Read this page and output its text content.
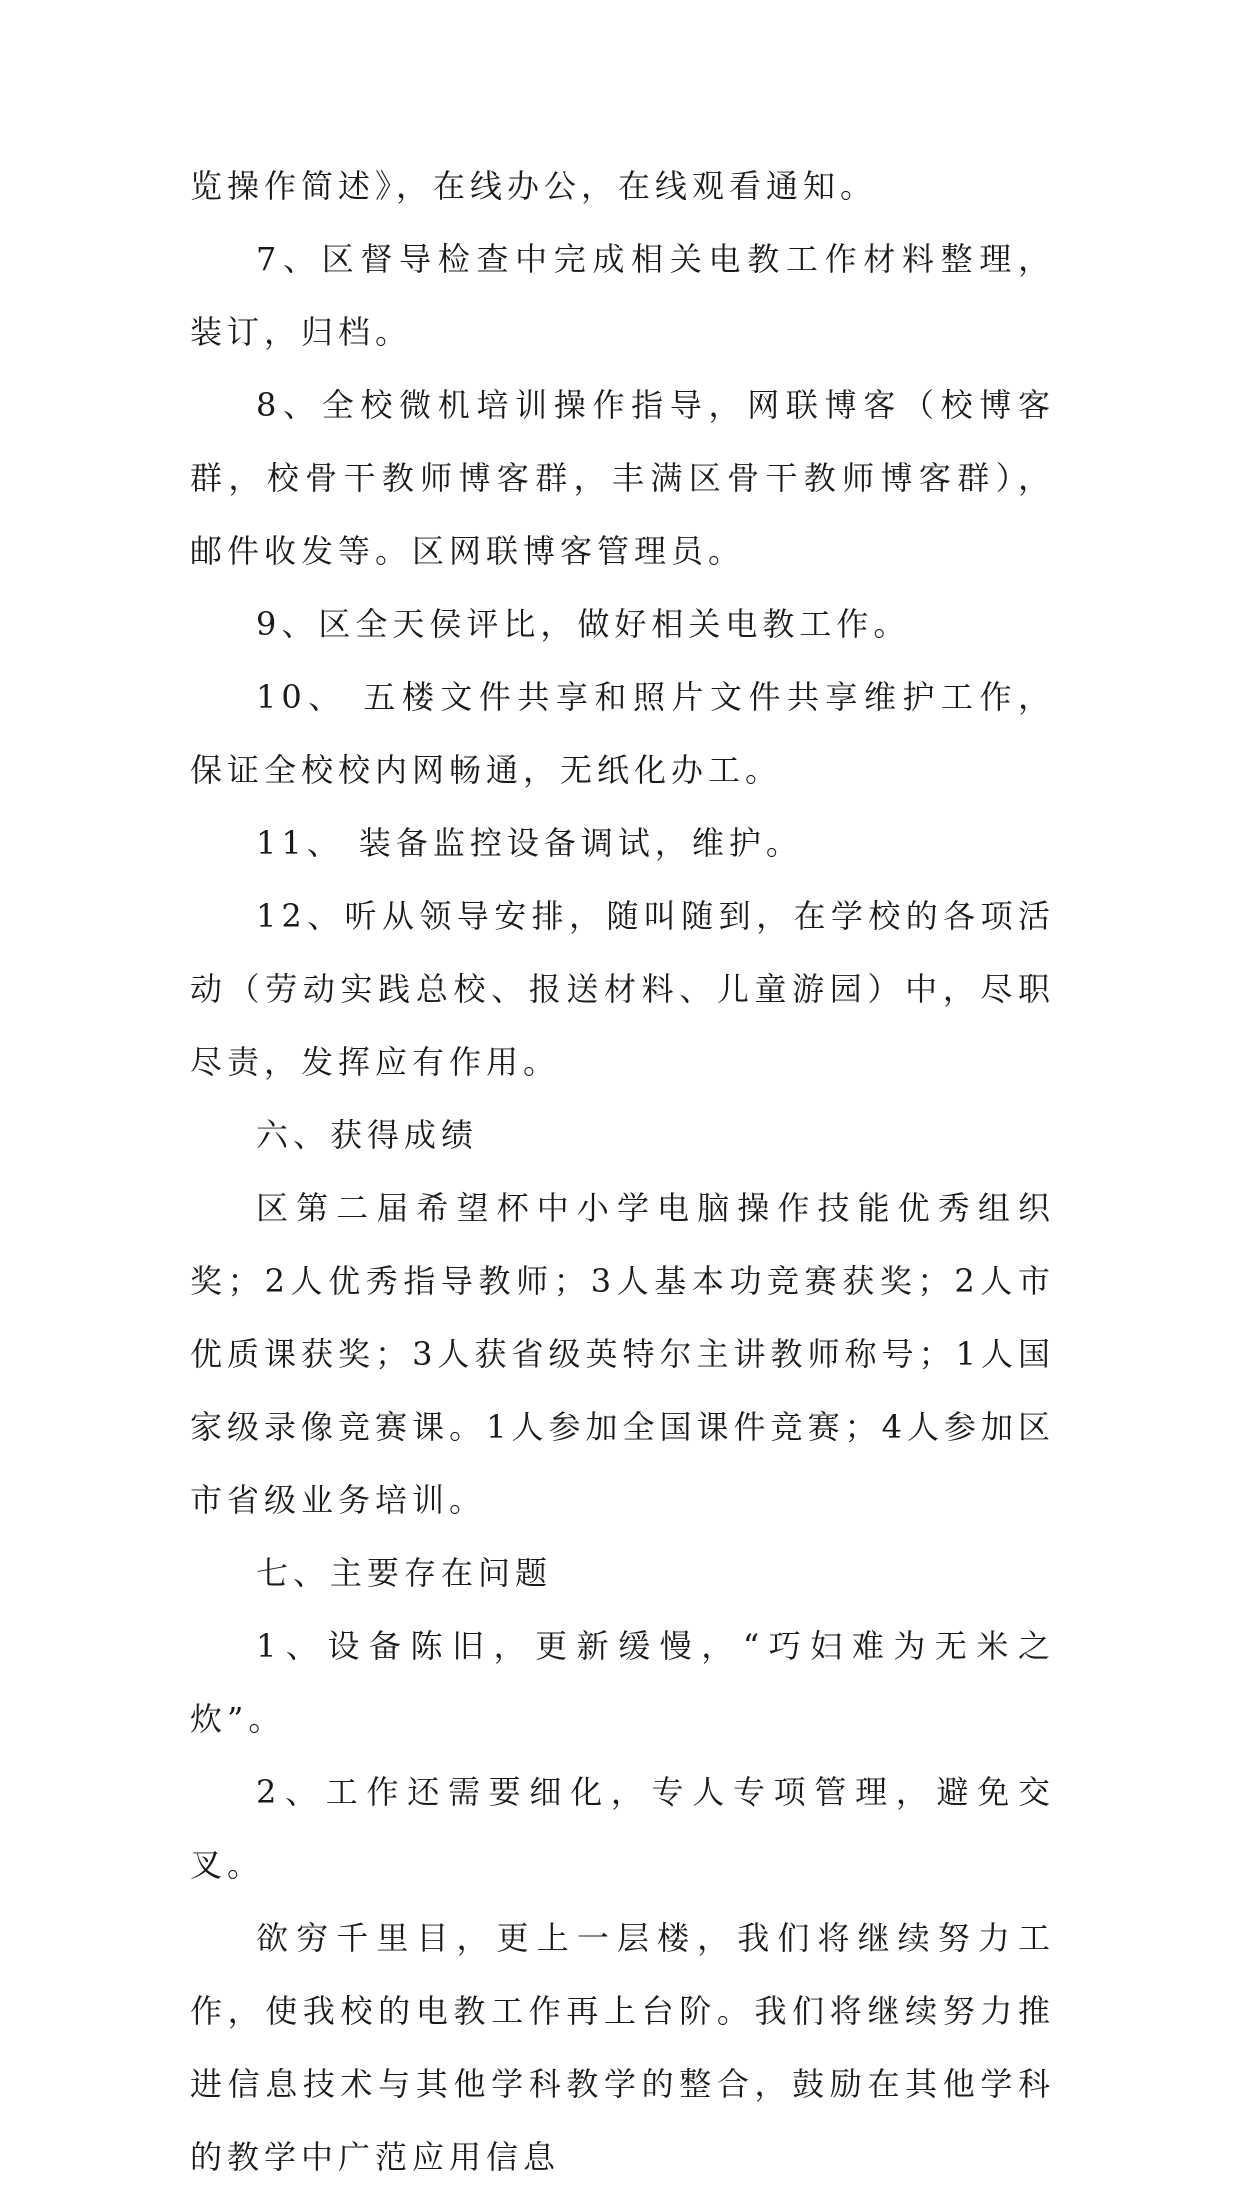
览操作简述》，在线办公，在线观看通知。

7、区督导检查中完成相关电教工作材料整理，装订，归档。

8、全校微机培训操作指导，网联博客（校博客群，校骨干教师博客群，丰满区骨干教师博客群），邮件收发等。区网联博客管理员。

9、区全天侯评比，做好相关电教工作。

10、 五楼文件共享和照片文件共享维护工作，保证全校校内网畅通，无纸化办工。

11、 装备监控设备调试，维护。

12、听从领导安排，随叫随到，在学校的各项活动（劳动实践总校、报送材料、儿童游园）中，尽职尽责，发挥应有作用。

六、获得成绩

区第二届希望杯中小学电脑操作技能优秀组织奖；2人优秀指导教师；3人基本功竞赛获奖；2人市优质课获奖；3人获省级英特尔主讲教师称号；1人国家级录像竞赛课。1人参加全国课件竞赛；4人参加区市省级业务培训。

七、主要存在问题

1、设备陈旧，更新缓慢，“巧妇难为无米之炊”。

2、工作还需要细化，专人专项管理，避免交叉。

欲穷千里目，更上一层楼，我们将继续努力工作，使我校的电教工作再上台阶。我们将继续努力推进信息技术与其他学科教学的整合，鼓励在其他学科的教学中广范应用信息
